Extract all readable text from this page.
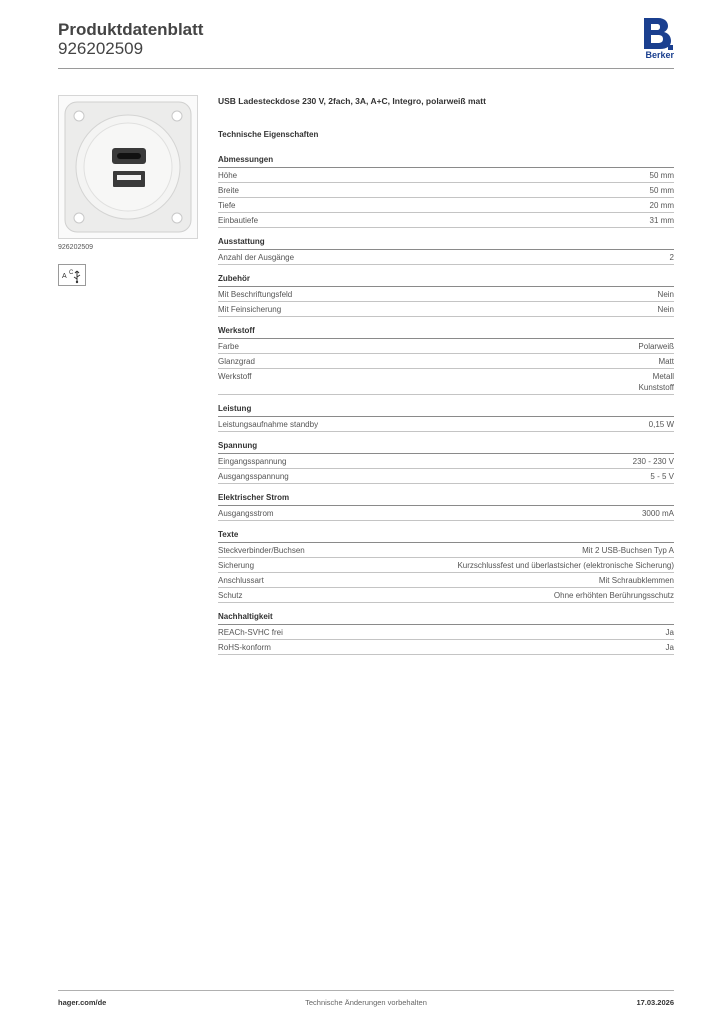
Produktdatenblatt
926202509	Berker
926202509
A C
USB Ladesteckdose 230 V, 2fach, 3A, A+C, Integro, polarweiß matt
Technische Eigenschaften
Abmessungen
Höhe	50 mm
Breite	50 mm
Tiefe	20 mm
Einbautiefe	31 mm
Ausstattung
Anzahl der Ausgänge	2
Zubehör
Mit Beschriftungsfeld	Nein
Mit Feinsicherung	Nein
Werkstoff
Farbe	Polarweiß
Glanzgrad	Matt
Werkstoff	Metall
Kunststoff
Leistung
Leistungsaufnahme standby	0,15 W
Spannung
Eingangsspannung	230 - 230 V
Ausgangsspannung	5 - 5 V
Elektrischer Strom
Ausgangsstrom	3000 mA
Texte
Steckverbinder/Buchsen	Mit 2 USB-Buchsen Typ A
Sicherung	Kurzschlussfest und überlastsicher (elektronische Sicherung)
Anschlussart	Mit Schraubklemmen
Schutz	Ohne erhöhten Berührungsschutz
Nachhaltigkeit
REACh-SVHC frei	Ja
RoHS-konform	Ja
hager.com/de	Technische Änderungen vorbehalten	17.03.2026
